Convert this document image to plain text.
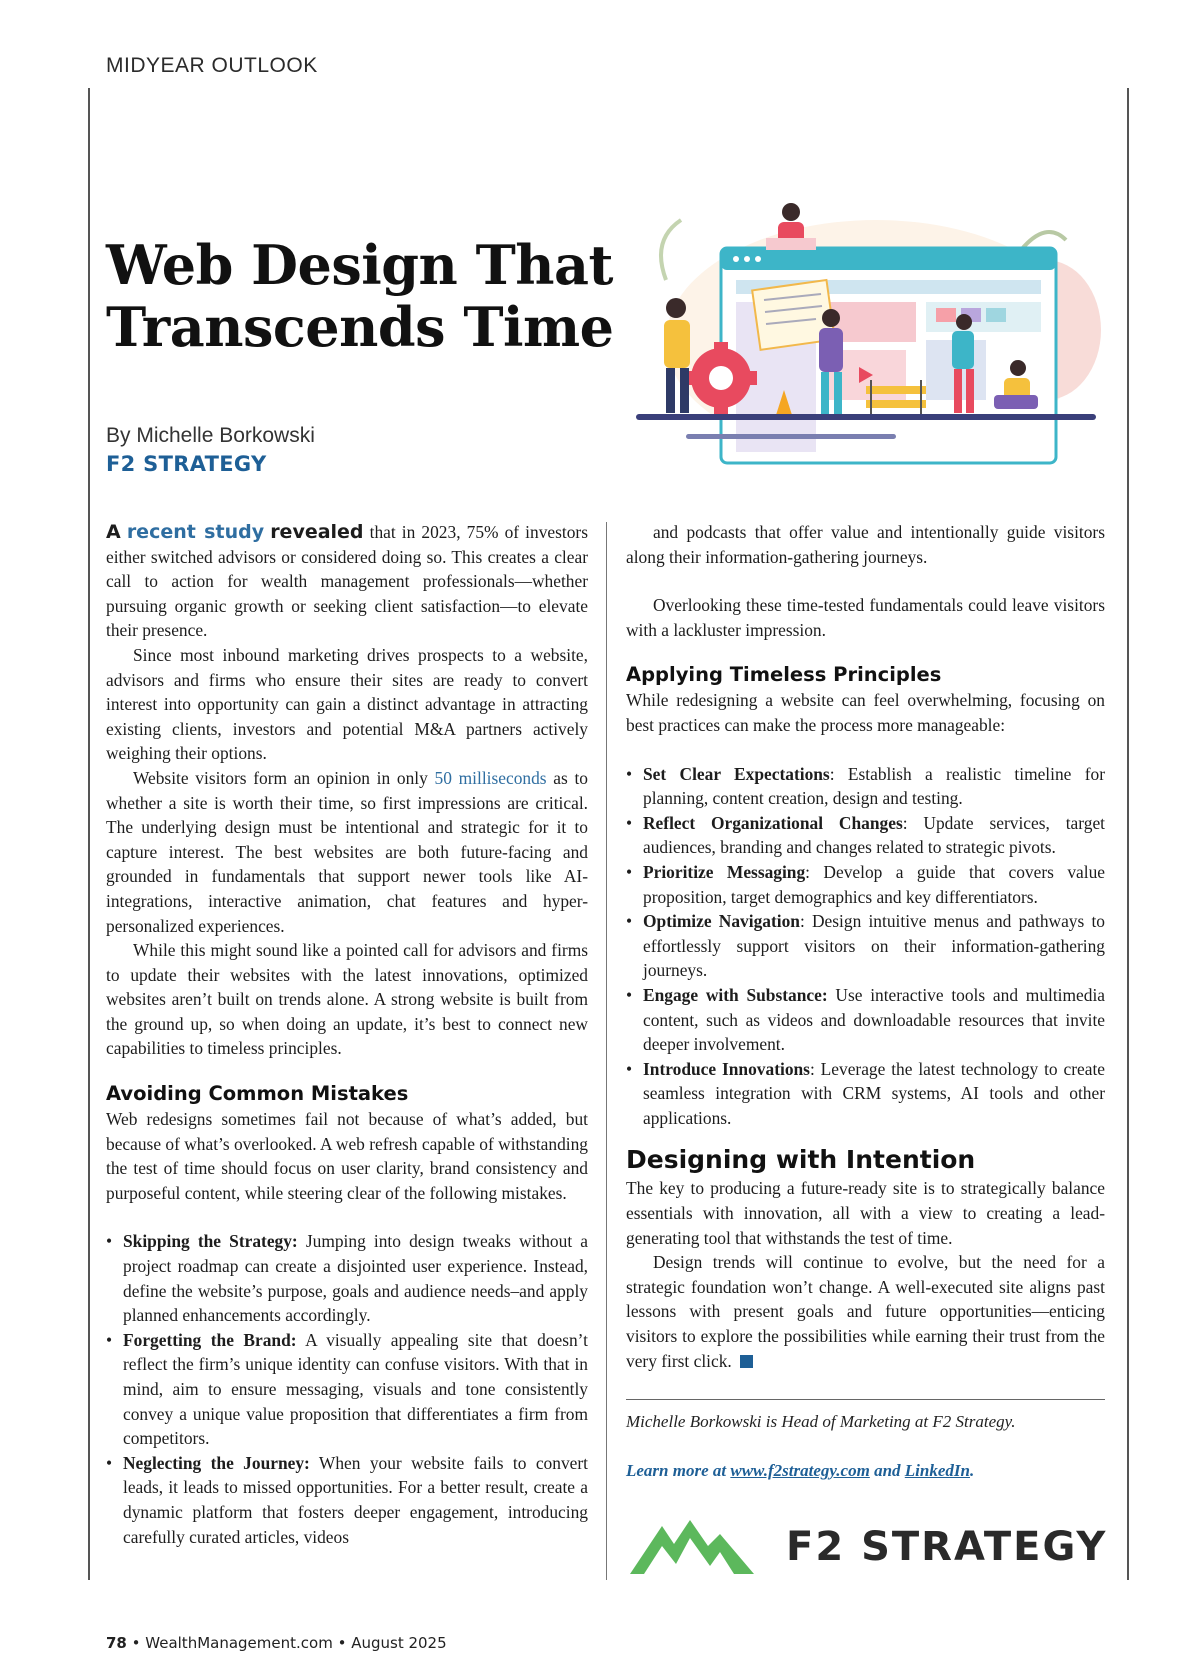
MIDYEAR OUTLOOK
Web Design That
Transcends Time
By Michelle Borkowski
F2 STRATEGY

A recent study revealed that in 2023, 75% of investors either switched advisors or considered doing so. This creates a clear call to action for wealth management professionals—whether pursuing organic growth or seeking client satisfaction—to elevate their presence.

Since most inbound marketing drives prospects to a website, advisors and firms who ensure their sites are ready to convert interest into opportunity can gain a distinct advantage in attracting existing clients, investors and potential M&A partners actively weighing their options.

Website visitors form an opinion in only 50 milliseconds as to whether a site is worth their time, so first impressions are critical. The underlying design must be intentional and strategic for it to capture interest. The best websites are both future-facing and grounded in fundamentals that support newer tools like AI-integrations, interactive animation, chat features and hyper-personalized experiences.

While this might sound like a pointed call for advisors and firms to update their websites with the latest innovations, optimized websites aren’t built on trends alone. A strong website is built from the ground up, so when doing an update, it’s best to connect new capabilities to timeless principles.

Avoiding Common Mistakes

Web redesigns sometimes fail not because of what’s added, but because of what’s overlooked. A web refresh capable of withstanding the test of time should focus on user clarity, brand consistency and purposeful content, while steering clear of the following mistakes.

• Skipping the Strategy: Jumping into design tweaks without a project roadmap can create a disjointed user experience. Instead, define the website’s purpose, goals and audience needs–and apply planned enhancements accordingly.
• Forgetting the Brand: A visually appealing site that doesn’t reflect the firm’s unique identity can confuse visitors. With that in mind, aim to ensure messaging, visuals and tone consistently convey a unique value proposition that differentiates a firm from competitors.
• Neglecting the Journey: When your website fails to convert leads, it leads to missed opportunities. For a better result, create a dynamic platform that fosters deeper engagement, introducing carefully curated articles, videos

and podcasts that offer value and intentionally guide visitors along their information-gathering journeys.

Overlooking these time-tested fundamentals could leave visitors with a lackluster impression.

Applying Timeless Principles

While redesigning a website can feel overwhelming, focusing on best practices can make the process more manageable:

• Set Clear Expectations: Establish a realistic timeline for planning, content creation, design and testing.
• Reflect Organizational Changes: Update services, target audiences, branding and changes related to strategic pivots.
• Prioritize Messaging: Develop a guide that covers value proposition, target demographics and key differentiators.
• Optimize Navigation: Design intuitive menus and pathways to effortlessly support visitors on their information-gathering journeys.
• Engage with Substance: Use interactive tools and multimedia content, such as videos and downloadable resources that invite deeper involvement.
• Introduce Innovations: Leverage the latest technology to create seamless integration with CRM systems, AI tools and other applications.

Designing with Intention

The key to producing a future-ready site is to strategically balance essentials with innovation, all with a view to creating a lead-generating tool that withstands the test of time.

Design trends will continue to evolve, but the need for a strategic foundation won’t change. A well-executed site aligns past lessons with present goals and future opportunities—enticing visitors to explore the possibilities while earning their trust from the very first click.

Michelle Borkowski is Head of Marketing at F2 Strategy.
Learn more at www.f2strategy.com and LinkedIn.
F2 STRATEGY
78 • WealthManagement.com • August 2025
